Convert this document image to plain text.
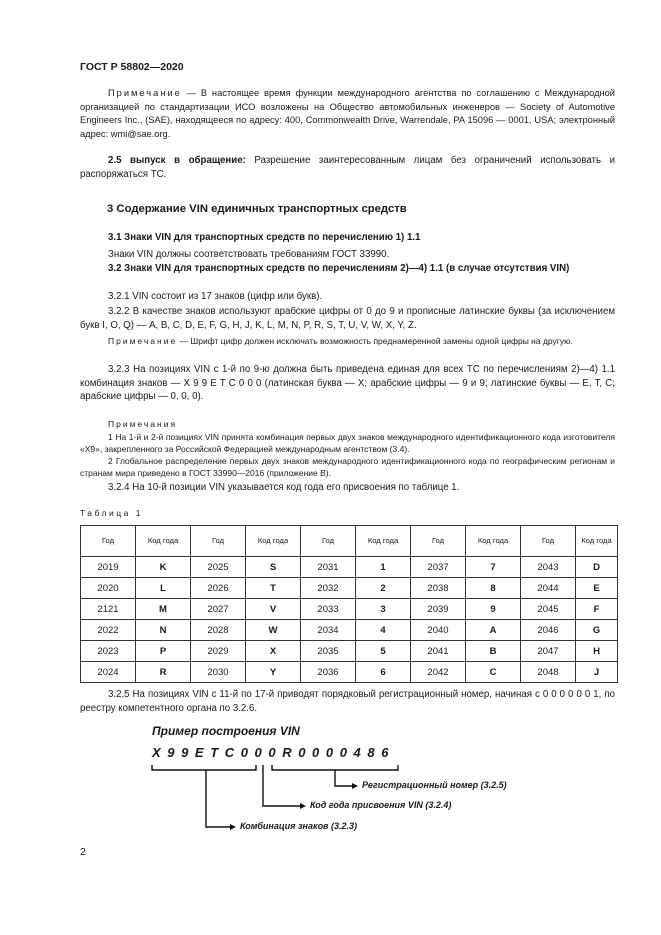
ГОСТ Р 58802—2020
Примечание — В настоящее время функции международного агентства по соглашению с Международной организацией по стандартизации ИСО возложены на Общество автомобильных инженеров — Society of Automotive Engineers Inc., (SAE), находящееся по адресу: 400, Commonwealth Drive, Warrendale, PA 15096 — 0001, USA; электронный адрес: wmi@sae.org.
2.5 выпуск в обращение: Разрешение заинтересованным лицам без ограничений использовать и распоряжаться ТС.
3 Содержание VIN единичных транспортных средств
3.1 Знаки VIN для транспортных средств по перечислению 1) 1.1
Знаки VIN должны соответствовать требованиям ГОСТ 33990.
3.2 Знаки VIN для транспортных средств по перечислениям 2)—4) 1.1 (в случае отсутствия VIN)
3.2.1 VIN состоит из 17 знаков (цифр или букв).
3.2.2 В качестве знаков используют арабские цифры от 0 до 9 и прописные латинские буквы (за исключением букв I, O, Q) — A, B, C, D, E, F, G, H, J, K, L, M, N, P, R, S, T, U, V, W, X, Y, Z.
Примечание — Шрифт цифр должен исключать возможность преднамеренной замены одной цифры на другую.
3.2.3 На позициях VIN с 1-й по 9-ю должна быть приведена единая для всех ТС по перечислениям 2)—4) 1.1 комбинация знаков — X 9 9 E T C 0 0 0 (латинская буква — X; арабские цифры — 9 и 9; латинские буквы — E, T, C; арабские цифры — 0, 0, 0).
Примечания
1 На 1-й и 2-й позициях VIN принята комбинация первых двух знаков международного идентификационного кода изготовителя «X9», закрепленного за Российской Федерацией международным агентством (3.4).
2 Глобальное распределение первых двух знаков международного идентификационного кода по географическим регионам и странам мира приведено в ГОСТ 33990—2016 (приложение В).
3.2.4 На 10-й позиции VIN указывается код года его присвоения по таблице 1.
Таблица 1
Год	Код года	Год	Код года	Год	Код года	Год	Код года	Год	Код года
2019	K	2025	S	2031	1	2037	7	2043	D
2020	L	2026	T	2032	2	2038	8	2044	E
2121	M	2027	V	2033	3	2039	9	2045	F
2022	N	2028	W	2034	4	2040	A	2046	G
2023	P	2029	X	2035	5	2041	B	2047	H
2024	R	2030	Y	2036	6	2042	C	2048	J
3.2.5 На позициях VIN с 11-й по 17-й приводят порядковый регистрационный номер, начиная с 0 0 0 0 0 0 1, по реестру компетентного органа по 3.2.6.
Пример построения VIN
X99ETC000R0000486
Регистрационный номер (3.2.5)
Код года присвоения VIN (3.2.4)
Комбинация знаков (3.2.3)
2
